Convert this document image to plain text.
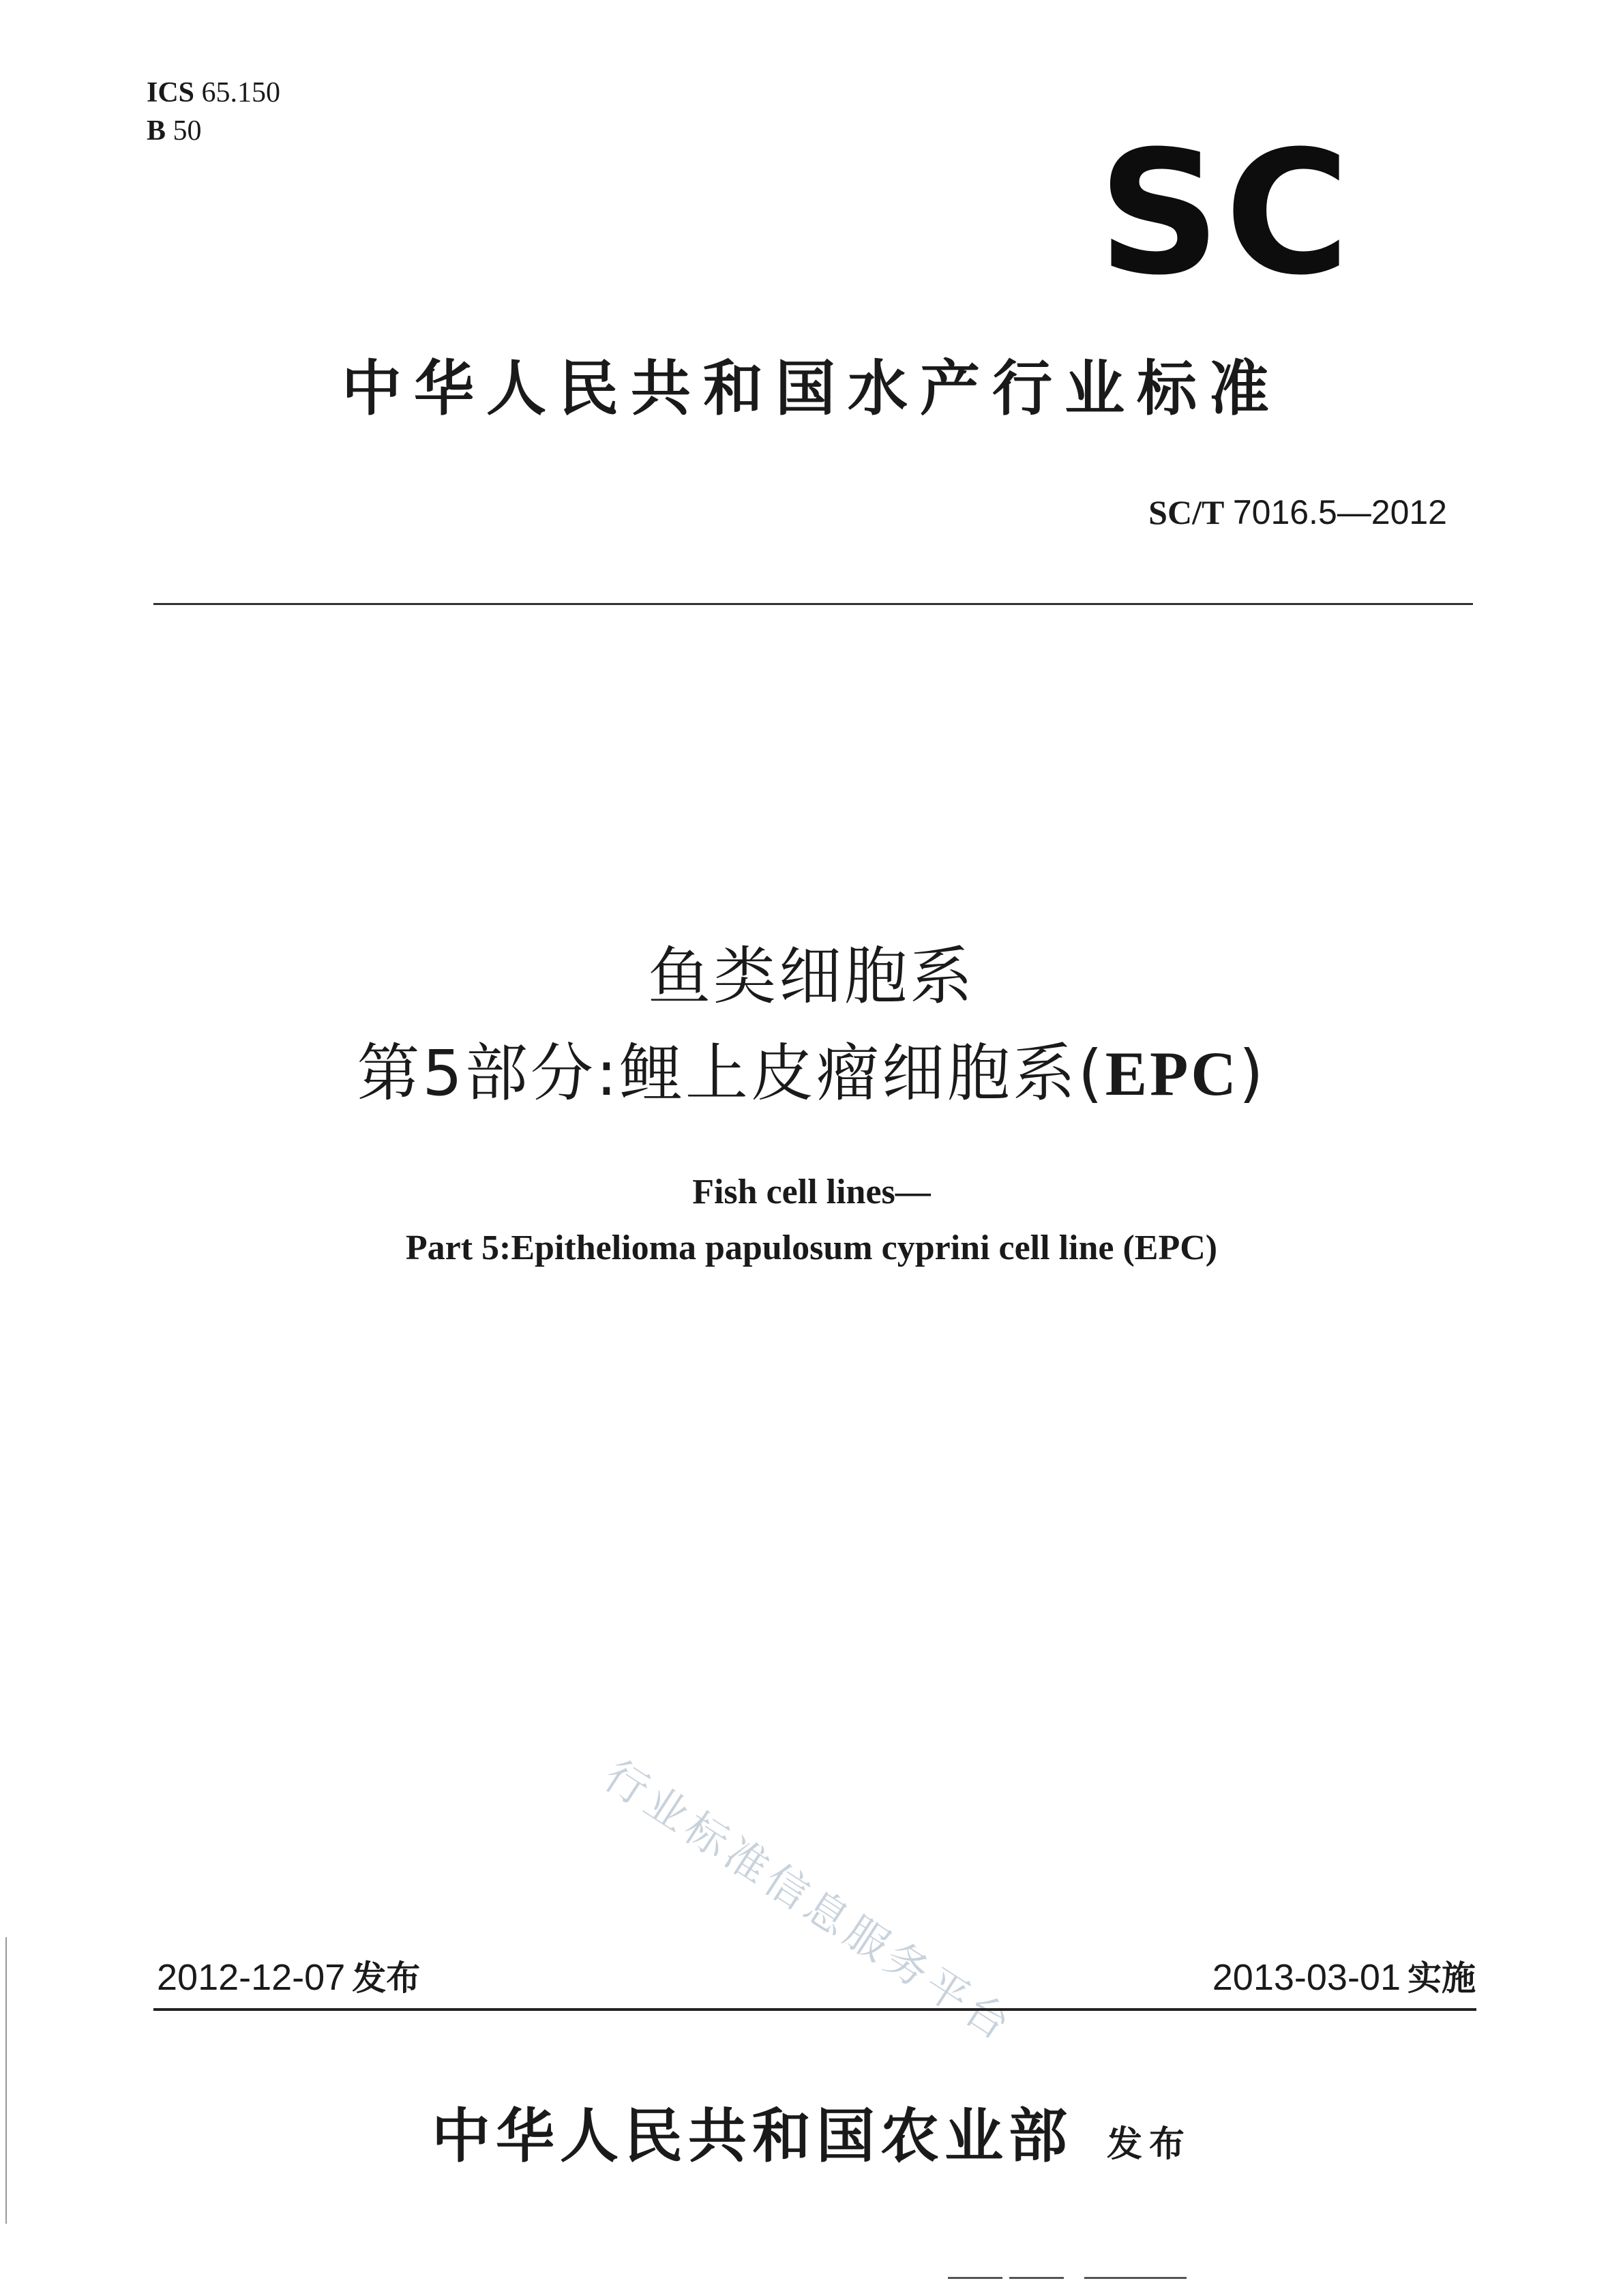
ICS 65.150
B 50	SC
中华人民共和国水产行业标准
SC/T 7016.5—2012
鱼类细胞系
第5部分:鲤上皮瘤细胞系(EPC)
Fish cell lines—
Part 5:Epithelioma papulosum cyprini cell line (EPC)
行业标准信息服务平台
2012-12-07 发布	2013-03-01 实施
中华人民共和国农业部 发布
